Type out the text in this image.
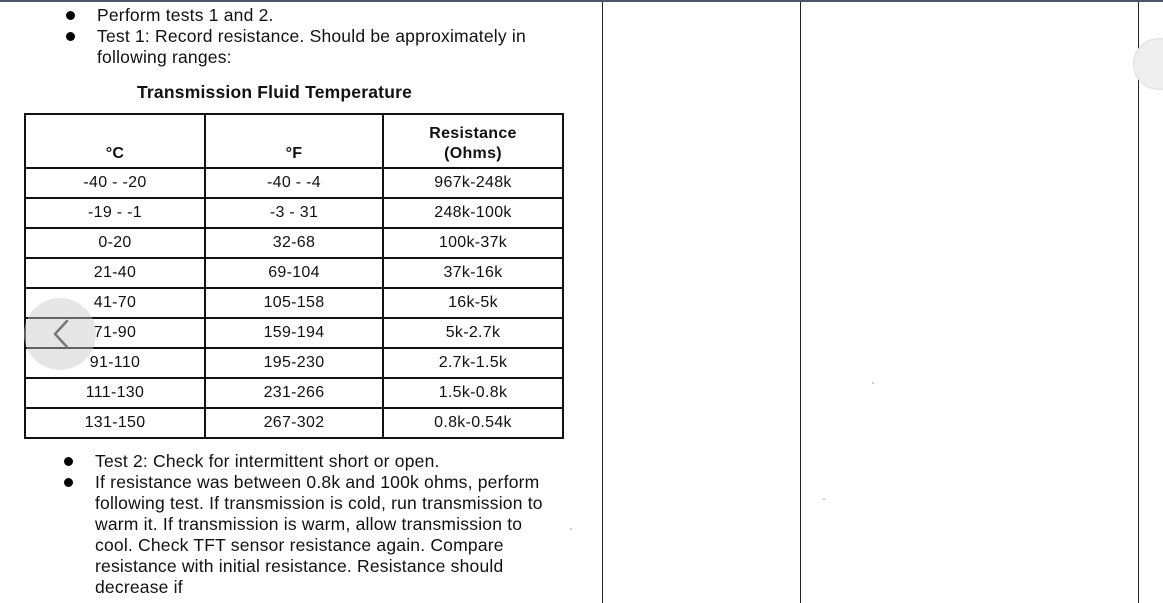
Perform tests 1 and 2.
Test 1: Record resistance. Should be approximately in following ranges:
Transmission Fluid Temperature
°C	°F	Resistance (Ohms)
-40 - -20	-40 - -4	967k-248k
-19 - -1	-3 - 31	248k-100k
0-20	32-68	100k-37k
21-40	69-104	37k-16k
41-70	105-158	16k-5k
71-90	159-194	5k-2.7k
91-110	195-230	2.7k-1.5k
111-130	231-266	1.5k-0.8k
131-150	267-302	0.8k-0.54k
Test 2: Check for intermittent short or open.
If resistance was between 0.8k and 100k ohms, perform following test. If transmission is cold, run transmission to warm it. If transmission is warm, allow transmission to cool. Check TFT sensor resistance again. Compare resistance with initial resistance. Resistance should decrease if
